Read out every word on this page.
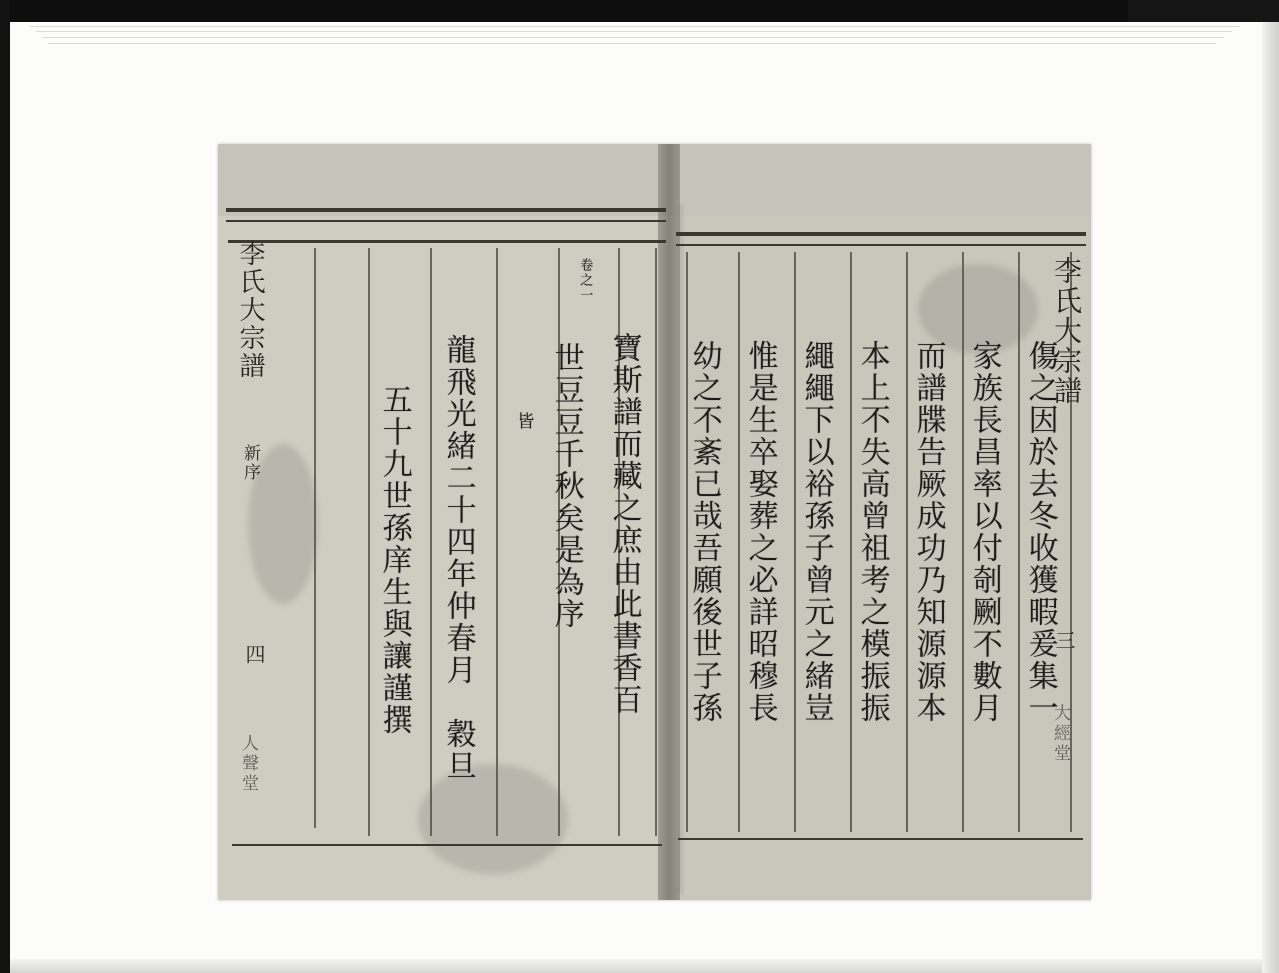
李氏大宗譜
新序
四
人聲堂
卷之一
寶斯譜而藏之庶由此書香百
世豆豆千秋矣是為序
龍飛光緒二十四年仲春月　穀旦
五十九世孫庠生與讓謹撰	皆
李氏大宗譜
三
大經堂
傷之因於去冬收獲暇爰集一
家族長昌率以付剞劂不數月
而譜牒告厥成功乃知源源本
本上不失高曾祖考之模振振
繩繩下以裕孫子曾元之緒豈
惟是生卒娶葬之必詳昭穆長
幼之不紊已哉吾願後世子孫
